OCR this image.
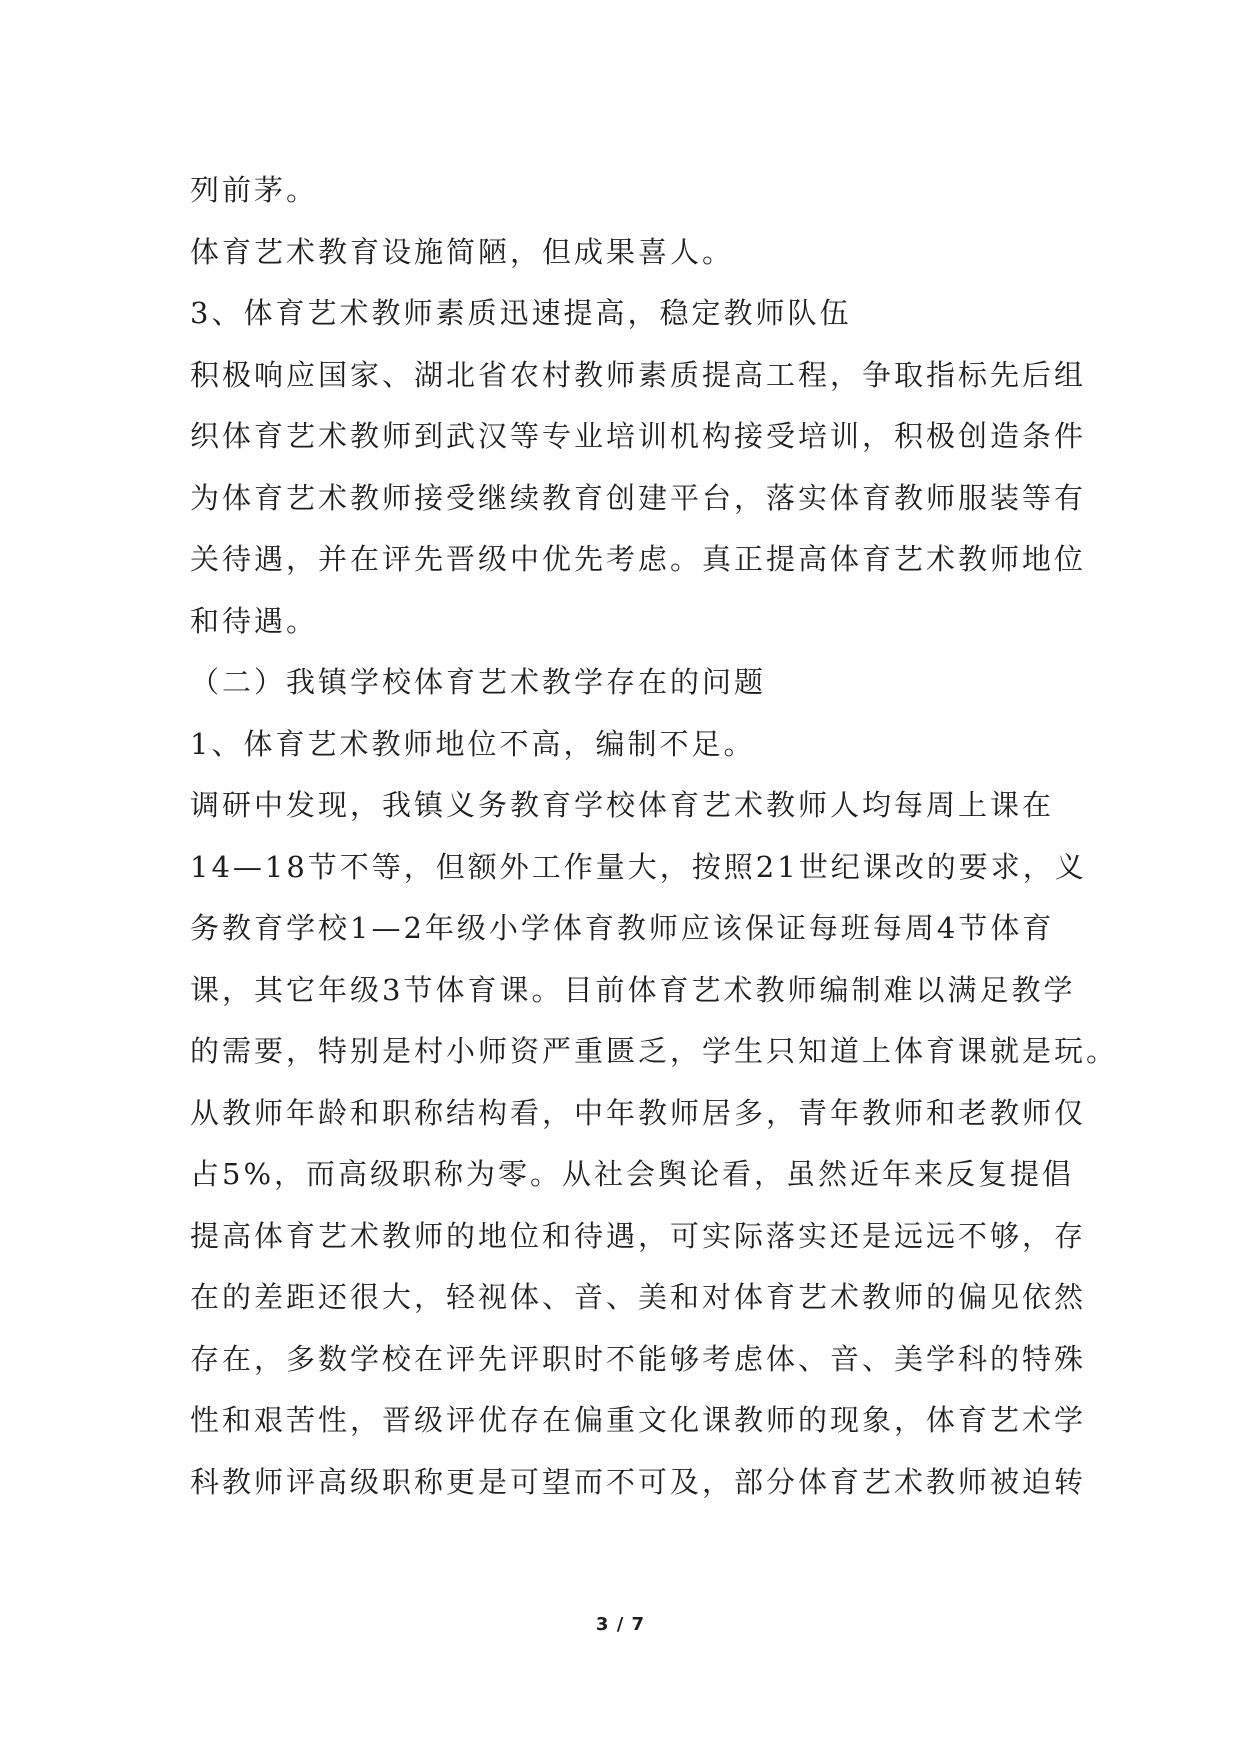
列前茅。
体育艺术教育设施简陋，但成果喜人。
3、体育艺术教师素质迅速提高，稳定教师队伍
积极响应国家、湖北省农村教师素质提高工程，争取指标先后组
织体育艺术教师到武汉等专业培训机构接受培训，积极创造条件
为体育艺术教师接受继续教育创建平台，落实体育教师服装等有
关待遇，并在评先晋级中优先考虑。真正提高体育艺术教师地位
和待遇。
（二）我镇学校体育艺术教学存在的问题
1、体育艺术教师地位不高，编制不足。
调研中发现，我镇义务教育学校体育艺术教师人均每周上课在
14—18节不等，但额外工作量大，按照21世纪课改的要求，义
务教育学校1—2年级小学体育教师应该保证每班每周4节体育
课，其它年级3节体育课。目前体育艺术教师编制难以满足教学
的需要，特别是村小师资严重匮乏，学生只知道上体育课就是玩。
从教师年龄和职称结构看，中年教师居多，青年教师和老教师仅
占5%，而高级职称为零。从社会舆论看，虽然近年来反复提倡
提高体育艺术教师的地位和待遇，可实际落实还是远远不够，存
在的差距还很大，轻视体、音、美和对体育艺术教师的偏见依然
存在，多数学校在评先评职时不能够考虑体、音、美学科的特殊
性和艰苦性，晋级评优存在偏重文化课教师的现象，体育艺术学
科教师评高级职称更是可望而不可及，部分体育艺术教师被迫转
3 / 7
